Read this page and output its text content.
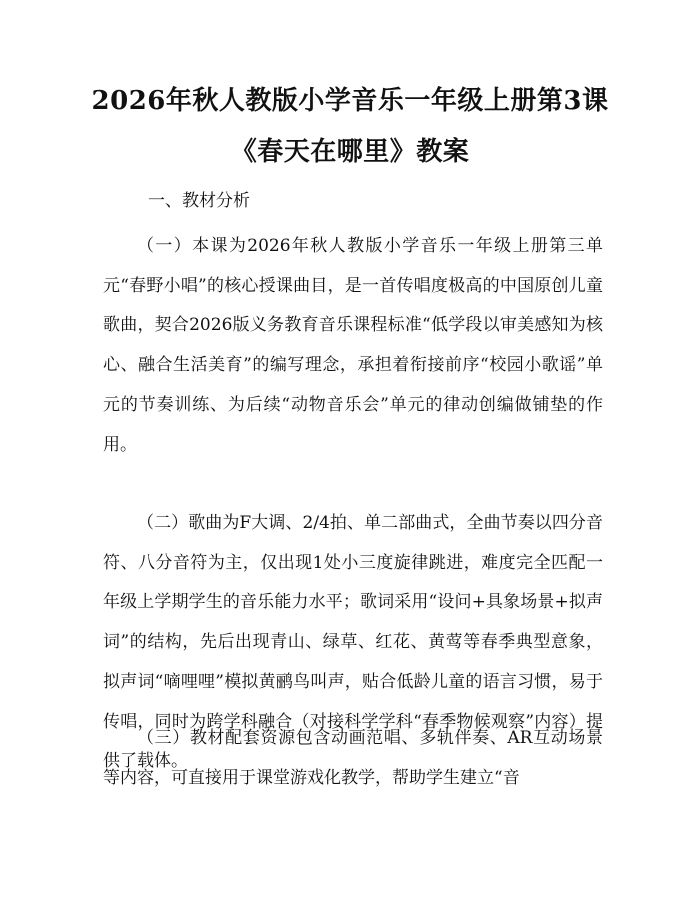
2026年秋人教版小学音乐一年级上册第3课
《春天在哪里》教案
一、教材分析

（一）本课为2026年秋人教版小学音乐一年级上册第三单元“春野小唱”的核心授课曲目，是一首传唱度极高的中国原创儿童歌曲，契合2026版义务教育音乐课程标准“低学段以审美感知为核心、融合生活美育”的编写理念，承担着衔接前序“校园小歌谣”单元的节奏训练、为后续“动物音乐会”单元的律动创编做铺垫的作用。

（二）歌曲为F大调、2/4拍、单二部曲式，全曲节奏以四分音符、八分音符为主，仅出现1处小三度旋律跳进，难度完全匹配一年级上学期学生的音乐能力水平；歌词采用“设问+具象场景+拟声词”的结构，先后出现青山、绿草、红花、黄莺等春季典型意象，拟声词“嘀哩哩”模拟黄鹂鸟叫声，贴合低龄儿童的语言习惯，易于传唱，同时为跨学科融合（对接科学学科“春季物候观察”内容）提供了载体。

（三）教材配套资源包含动画范唱、多轨伴奏、AR互动场景等内容，可直接用于课堂游戏化教学，帮助学生建立“音
